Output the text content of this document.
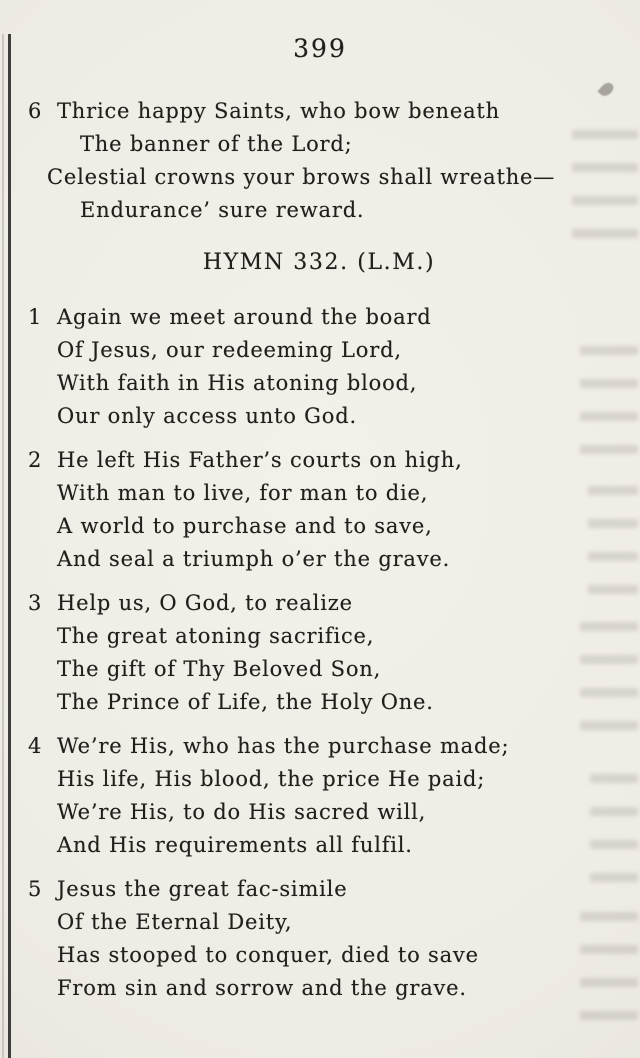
399
6 Thrice happy Saints, who bow beneath
The banner of the Lord;
Celestial crowns your brows shall wreathe—
Endurance’ sure reward.
HYMN 332. (L.M.)
1 Again we meet around the board
Of Jesus, our redeeming Lord,
With faith in His atoning blood,
Our only access unto God.
2 He left His Father’s courts on high,
With man to live, for man to die,
A world to purchase and to save,
And seal a triumph o’er the grave.
3 Help us, O God, to realize
The great atoning sacrifice,
The gift of Thy Beloved Son,
The Prince of Life, the Holy One.
4 We’re His, who has the purchase made;
His life, His blood, the price He paid;
We’re His, to do His sacred will,
And His requirements all fulfil.
5 Jesus the great fac-simile
Of the Eternal Deity,
Has stooped to conquer, died to save
From sin and sorrow and the grave.
